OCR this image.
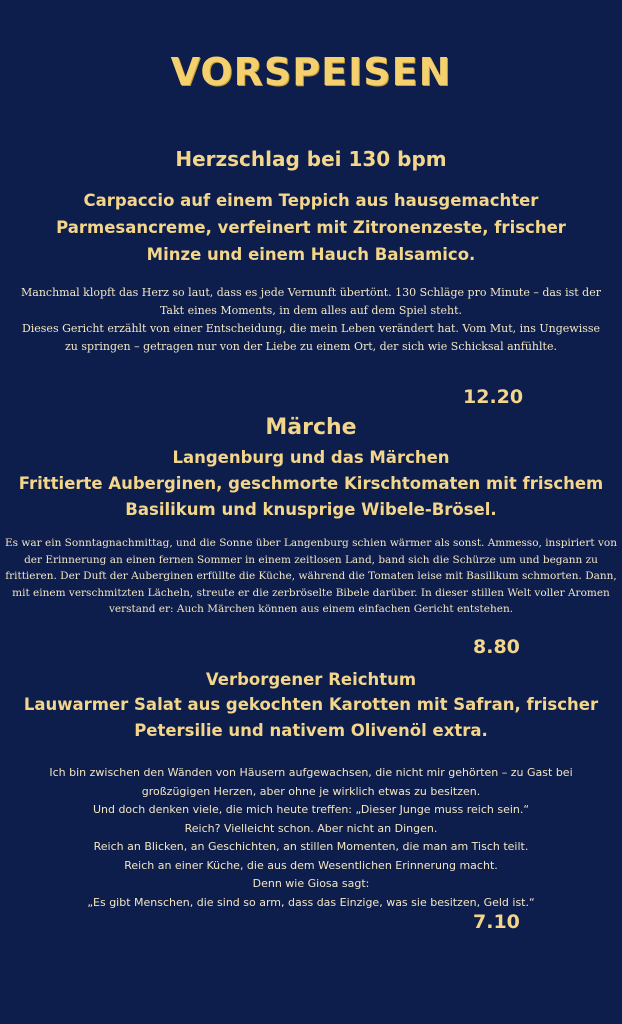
VORSPEISEN
Herzschlag bei 130 bpm
Carpaccio auf einem Teppich aus hausgemachter Parmesancreme, verfeinert mit Zitronenzeste, frischer Minze und einem Hauch Balsamico.

Manchmal klopft das Herz so laut, dass es jede Vernunft übertönt. 130 Schläge pro Minute – das ist der Takt eines Moments, in dem alles auf dem Spiel steht.

Dieses Gericht erzählt von einer Entscheidung, die mein Leben verändert hat. Vom Mut, ins Ungewisse zu springen – getragen nur von der Liebe zu einem Ort, der sich wie Schicksal anfühlte.

12.20
Märche
Langenburg und das Märchen
Frittierte Auberginen, geschmorte Kirschtomaten mit frischem Basilikum und knusprige Wibele-Brösel.

Es war ein Sonntagnachmittag, und die Sonne über Langenburg schien wärmer als sonst. Ammesso, inspiriert von der Erinnerung an einen fernen Sommer in einem zeitlosen Land, band sich die Schürze um und begann zu frittieren. Der Duft der Auberginen erfüllte die Küche, während die Tomaten leise mit Basilikum schmorten. Dann, mit einem verschmitzten Lächeln, streute er die zerbröselte Bibele darüber. In dieser stillen Welt voller Aromen verstand er: Auch Märchen können aus einem einfachen Gericht entstehen.

8.80
Verborgener Reichtum
Lauwarmer Salat aus gekochten Karotten mit Safran, frischer Petersilie und nativem Olivenöl extra.

Ich bin zwischen den Wänden von Häusern aufgewachsen, die nicht mir gehörten – zu Gast bei großzügigen Herzen, aber ohne je wirklich etwas zu besitzen.

Und doch denken viele, die mich heute treffen: „Dieser Junge muss reich sein.“

Reich? Vielleicht schon. Aber nicht an Dingen.

Reich an Blicken, an Geschichten, an stillen Momenten, die man am Tisch teilt.

Reich an einer Küche, die aus dem Wesentlichen Erinnerung macht.

Denn wie Giosa sagt:

„Es gibt Menschen, die sind so arm, dass das Einzige, was sie besitzen, Geld ist.“

7.10
